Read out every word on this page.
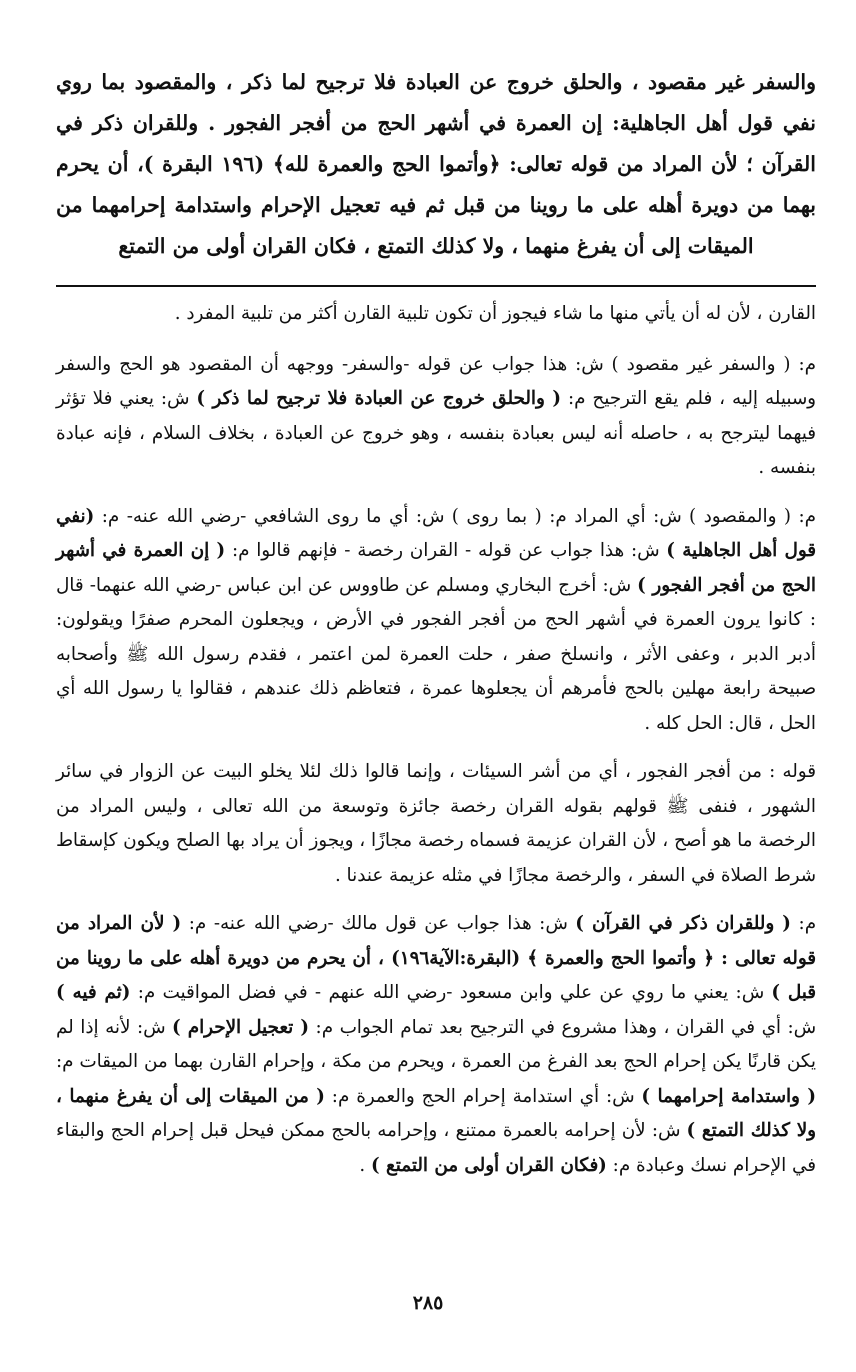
والسفر غير مقصود ، والحلق خروج عن العبادة فلا ترجيح لما ذكر ، والمقصود بما روي نفي قول أهل الجاهلية: إن العمرة في أشهر الحج من أفجر الفجور . وللقران ذكر في القرآن ؛ لأن المراد من قوله تعالى: ﴿وأتموا الحج والعمرة لله﴾ (١٩٦ البقرة )، أن يحرم بهما من دويرة أهله على ما روينا من قبل ثم فيه تعجيل الإحرام واستدامة إحرامهما من الميقات إلى أن يفرغ منهما ، ولا كذلك التمتع ، فكان القران أولى من التمتع

القارن ، لأن له أن يأتي منها ما شاء فيجوز أن تكون تلبية القارن أكثر من تلبية المفرد .

م: ( والسفر غير مقصود ) ش: هذا جواب عن قوله -والسفر- ووجهه أن المقصود هو الحج والسفر وسبيله إليه ، فلم يقع الترجيح م: ( والحلق خروج عن العبادة فلا ترجيح لما ذكر ) ش: يعني فلا تؤثر فيهما ليترجح به ، حاصله أنه ليس بعبادة بنفسه ، وهو خروج عن العبادة ، بخلاف السلام ، فإنه عبادة بنفسه .

م: ( والمقصود ) ش: أي المراد م: ( بما روى ) ش: أي ما روى الشافعي -رضي الله عنه- م: (نفي قول أهل الجاهلية ) ش: هذا جواب عن قوله - القران رخصة - فإنهم قالوا م: ( إن العمرة في أشهر الحج من أفجر الفجور ) ش: أخرج البخاري ومسلم عن طاووس عن ابن عباس -رضي الله عنهما- قال : كانوا يرون العمرة في أشهر الحج من أفجر الفجور في الأرض ، ويجعلون المحرم صفرًا ويقولون: أدبر الدبر ، وعفى الأثر ، وانسلخ صفر ، حلت العمرة لمن اعتمر ، فقدم رسول الله ﷺ وأصحابه صبيحة رابعة مهلين بالحج فأمرهم أن يجعلوها عمرة ، فتعاظم ذلك عندهم ، فقالوا يا رسول الله أي الحل ، قال: الحل كله .

قوله : من أفجر الفجور ، أي من أشر السيئات ، وإنما قالوا ذلك لئلا يخلو البيت عن الزوار في سائر الشهور ، فنفى ﷺ قولهم بقوله القران رخصة جائزة وتوسعة من الله تعالى ، وليس المراد من الرخصة ما هو أصح ، لأن القران عزيمة فسماه رخصة مجازًا ، ويجوز أن يراد بها الصلح ويكون كإسقاط شرط الصلاة في السفر ، والرخصة مجازًا في مثله عزيمة عندنا .

م: ( وللقران ذكر في القرآن ) ش: هذا جواب عن قول مالك -رضي الله عنه- م: ( لأن المراد من قوله تعالى : ﴿ وأتموا الحج والعمرة ﴾ (البقرة:الآية١٩٦) ، أن يحرم من دويرة أهله على ما روينا من قبل ) ش: يعني ما روي عن علي وابن مسعود -رضي الله عنهم - في فضل المواقيت م: (ثم فيه ) ش: أي في القران ، وهذا مشروع في الترجيح بعد تمام الجواب م: ( تعجيل الإحرام ) ش: لأنه إذا لم يكن قارنًا يكن إحرام الحج بعد الفرغ من العمرة ، ويحرم من مكة ، وإحرام القارن بهما من الميقات م: ( واستدامة إحرامهما ) ش: أي استدامة إحرام الحج والعمرة م: ( من الميقات إلى أن يفرغ منهما ، ولا كذلك التمتع ) ش: لأن إحرامه بالعمرة ممتنع ، وإحرامه بالحج ممكن فيحل قبل إحرام الحج والبقاء في الإحرام نسك وعبادة م: (فكان القران أولى من التمتع ) .

٢٨٥
